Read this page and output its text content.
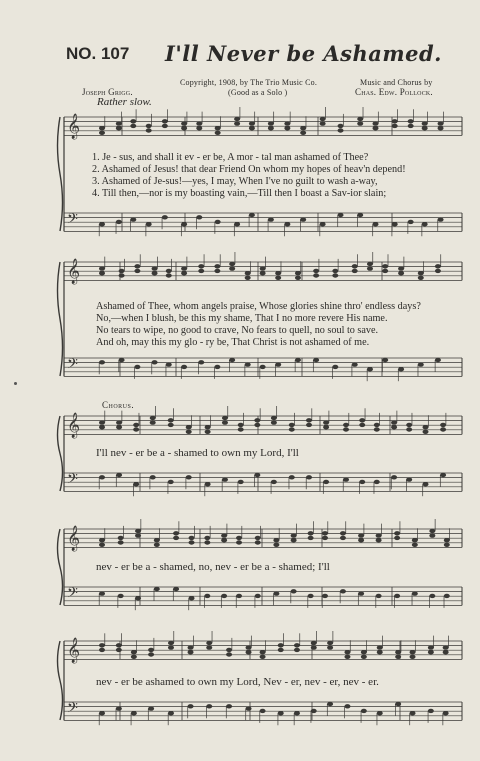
NO. 107 I'll Never be Ashamed.
Copyright, 1908, by The Trio Music Co.
(Good as a Solo )
Joseph Grigg.
Music and Chorus by
Chas. Edw. Pollock.
Rather slow.
1. Je - sus, and shall it ev - er be, A mor - tal man ashamed of Thee?
2. Ashamed of Jesus! that dear Friend On whom my hopes of heav'n depend!
3. Ashamed of Je-sus!—yes, I may, When I've no guilt to wash a-way,
4. Till then,—nor is my boasting vain,—Till then I boast a Sav-ior slain;
Ashamed of Thee, whom angels praise, Whose glories shine thro' endless days?
No,—when I blush, be this my shame, That I no more revere His name.
No tears to wipe, no good to crave, No fears to quell, no soul to save.
And oh, may this my glo - ry be, That Christ is not ashamed of me.
Chorus.
I'll nev - er be a - shamed to own my Lord, I'll
nev - er be a - shamed, no, nev - er be a - shamed; I'll
nev - er be ashamed to own my Lord, Nev - er, nev - er, nev - er.
𝄞
𝄢
𝄞
𝄢
𝄞
𝄢
𝄞
𝄢
𝄞
𝄢
